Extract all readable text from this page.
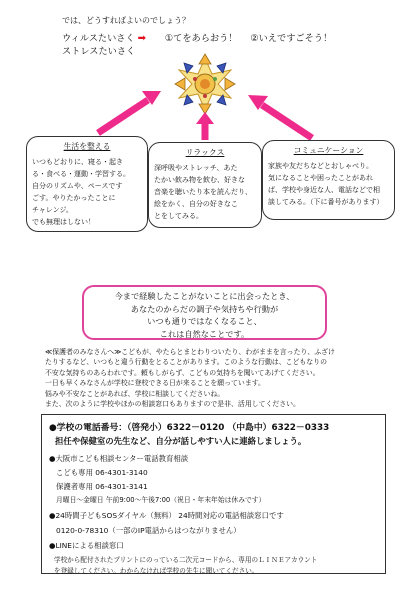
では、どうすればよいのでしょう？
ウィルスたいさく ➡ ①てをあらおう！ ②いえですごそう！
ストレスたいさく
生活を整える

いつもどおりに、寝る・起き
る・食べる・運動・学習する。
自分のリズムや、ペースです
ごす。やりたかったことに
チャレンジ。
でも無理はしない！

リラックス

深呼吸やストレッチ、あた
たかい飲み物を飲む、好きな
音楽を聴いたり本を読んだり、
絵をかく、自分の好きなこ
とをしてみる。

コミュニケーション

家族や友だちなどとおしゃべり。
気になることや困ったことがあれ
ば、学校や身近な人、電話などで相
談してみる。（下に番号があります）

今まで経験したことがないことに出会ったとき、
あなたのからだの調子や気持ちや行動が
いつも通りではなくなること、
これは自然なことです。
≪保護者のみなさんへ≫こどもが、やたらとまとわりついたり、わがままを言ったり、ふざけ
たりするなど、いつもと違う行動をとることがあります。このような行動は、こどもなりの
不安な気持ちのあらわれです。頼もしがらず、こどもの気持ちを聞いてあげてください。
一日も早くみなさんが学校に登校できる日が来ることを願っています。
悩みや不安なことがあれば、学校に相談してくださいね。
また、次のように学校やほかの相談窓口もありますので是非、活用してください。
●学校の電話番号：（啓発小）6322－0120 （中島中）6322－0333
担任や保健室の先生など、自分が話しやすい人に連絡しましょう。
●大阪市こども相談センター電話教育相談
こども専用 06-4301-3140
保護者専用 06-4301-3141
月曜日～金曜日 午前9:00～午後7:00（祝日・年末年始は休みです）
●24時間子どもSOSダイヤル（無料） 24時間対応の電話相談窓口です
0120-0-78310（一部のIP電話からはつながりません）
●LINEによる相談窓口
学校から配付されたプリントにのっている二次元コードから、専用のＬＩＮＥアカウント
を登録してください。わからなければ学校の先生に聞いてください。
